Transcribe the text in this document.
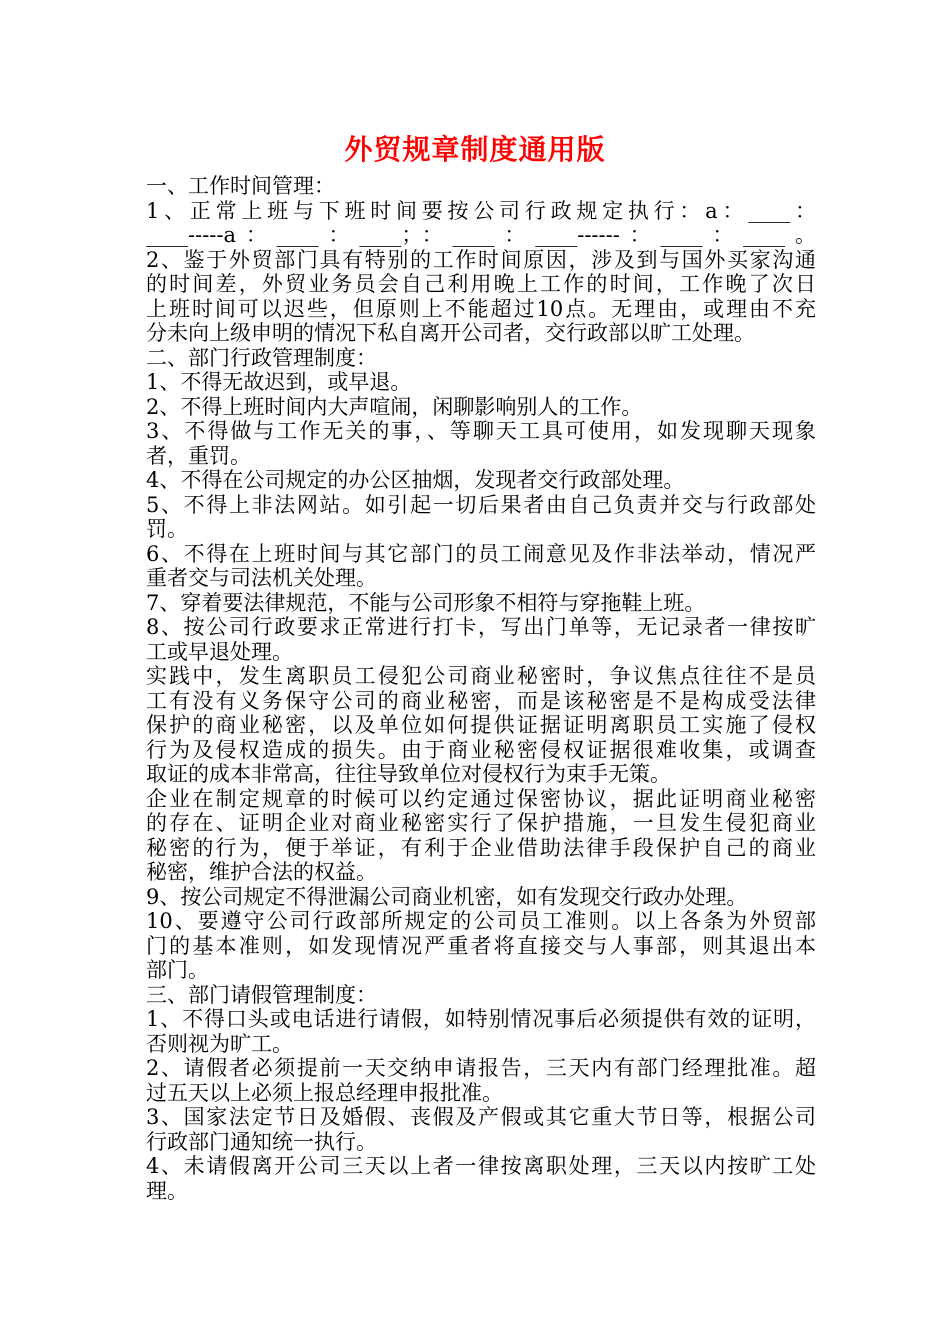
外贸规章制度通用版
一、工作时间管理：
1、正常上班与下班时间要按公司行政规定执行：a：____：
____-----a：____：____；：____：____------：____：____。
2、鉴于外贸部门具有特别的工作时间原因，涉及到与国外买家沟通
的时间差，外贸业务员会自己利用晚上工作的时间，工作晚了次日
上班时间可以迟些，但原则上不能超过10点。无理由，或理由不充
分未向上级申明的情况下私自离开公司者，交行政部以旷工处理。
二、部门行政管理制度：
1、不得无故迟到，或早退。
2、不得上班时间内大声喧闹，闲聊影响别人的工作。
3、不得做与工作无关的事，、等聊天工具可使用，如发现聊天现象
者，重罚。
4、不得在公司规定的办公区抽烟，发现者交行政部处理。
5、不得上非法网站。如引起一切后果者由自己负责并交与行政部处
罚。
6、不得在上班时间与其它部门的员工闹意见及作非法举动，情况严
重者交与司法机关处理。
7、穿着要法律规范，不能与公司形象不相符与穿拖鞋上班。
8、按公司行政要求正常进行打卡，写出门单等，无记录者一律按旷
工或早退处理。
实践中，发生离职员工侵犯公司商业秘密时，争议焦点往往不是员
工有没有义务保守公司的商业秘密，而是该秘密是不是构成受法律
保护的商业秘密，以及单位如何提供证据证明离职员工实施了侵权
行为及侵权造成的损失。由于商业秘密侵权证据很难收集，或调查
取证的成本非常高，往往导致单位对侵权行为束手无策。
企业在制定规章的时候可以约定通过保密协议，据此证明商业秘密
的存在、证明企业对商业秘密实行了保护措施，一旦发生侵犯商业
秘密的行为，便于举证，有利于企业借助法律手段保护自己的商业
秘密，维护合法的权益。
9、按公司规定不得泄漏公司商业机密，如有发现交行政办处理。
10、要遵守公司行政部所规定的公司员工准则。以上各条为外贸部
门的基本准则，如发现情况严重者将直接交与人事部，则其退出本
部门。
三、部门请假管理制度：
1、不得口头或电话进行请假，如特别情况事后必须提供有效的证明，
否则视为旷工。
2、请假者必须提前一天交纳申请报告，三天内有部门经理批准。超
过五天以上必须上报总经理申报批准。
3、国家法定节日及婚假、丧假及产假或其它重大节日等，根据公司
行政部门通知统一执行。
4、未请假离开公司三天以上者一律按离职处理，三天以内按旷工处
理。
